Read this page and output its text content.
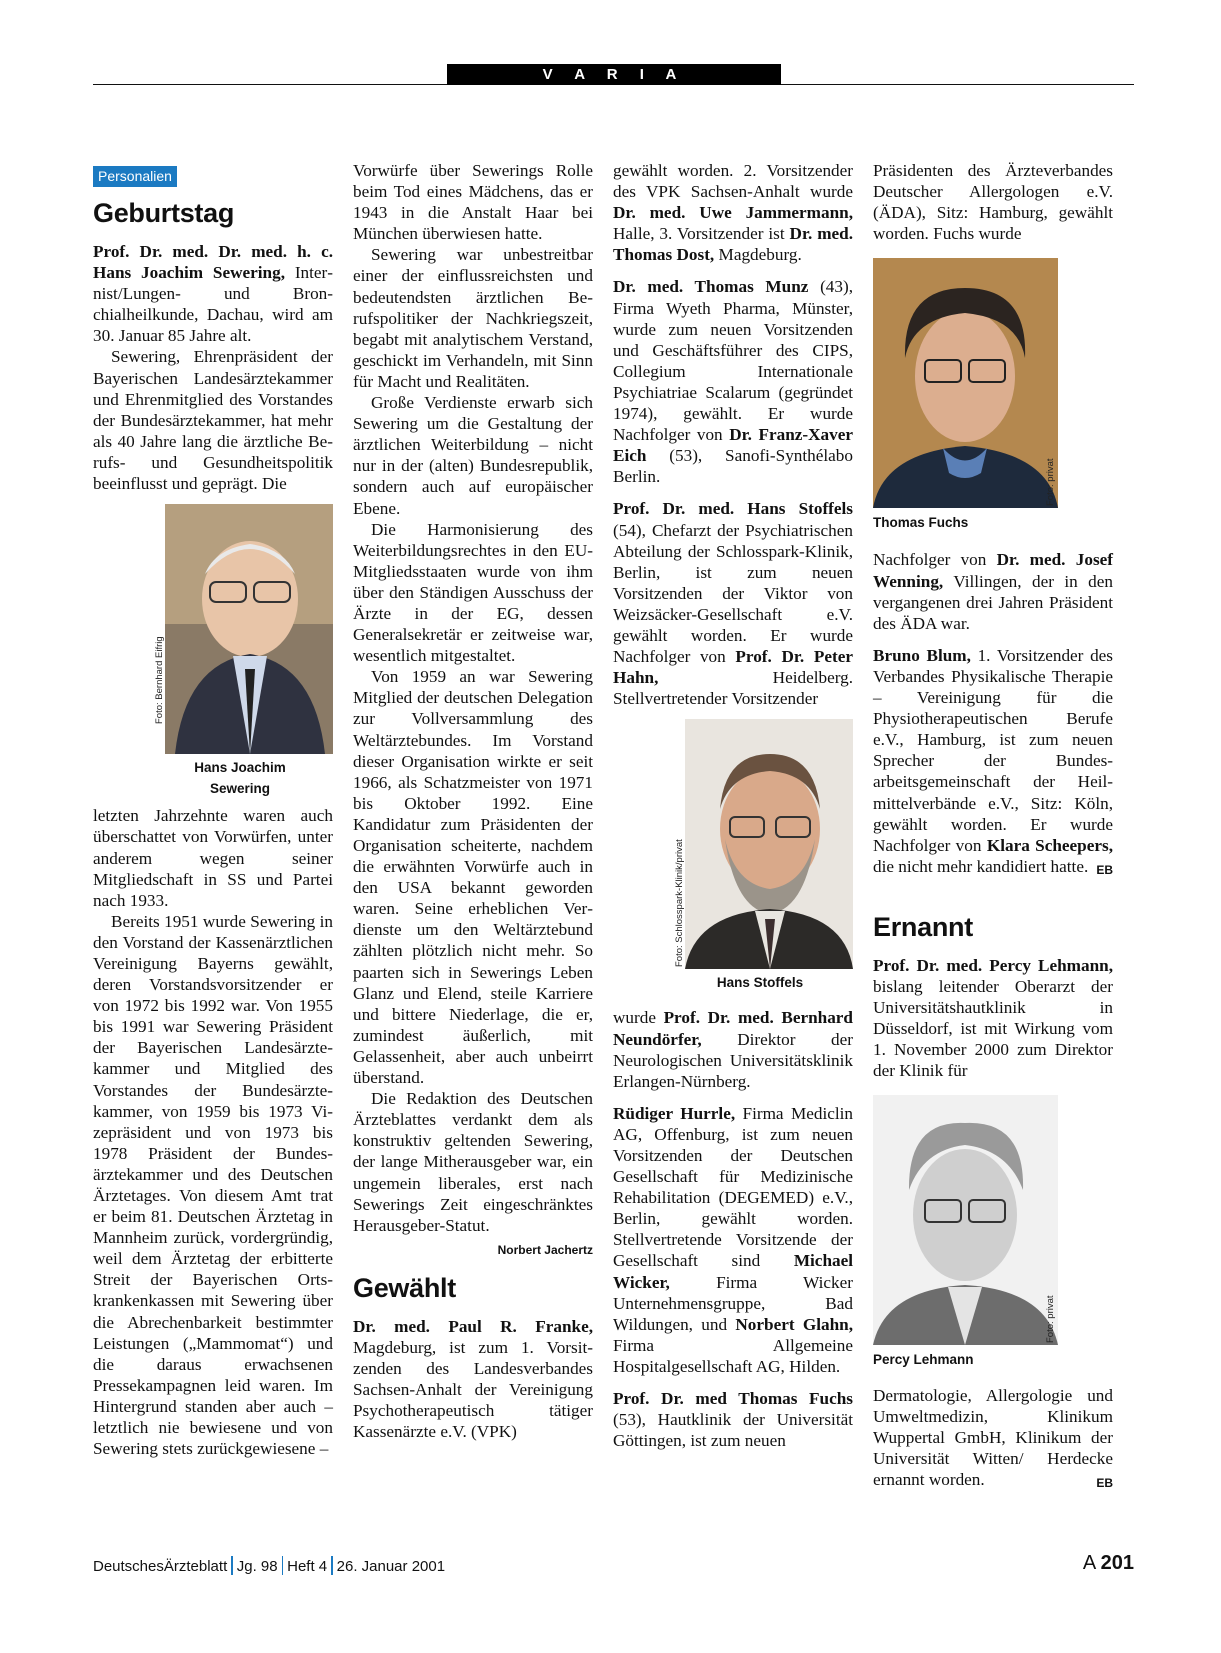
V A R I A
Personalien
Geburtstag

Prof. Dr. med. Dr. med. h. c. Hans Joachim Sewering, Internist/Lungen- und Bronchialheilkunde, Dachau, wird am 30. Januar 85 Jahre alt.

Sewering, Ehrenpräsident der Bayerischen Landesärztekammer und Ehrenmitglied des Vorstandes der Bundesärztekammer, hat mehr als 40 Jahre lang die ärztliche Berufs- und Gesundheitspolitik beeinflusst und geprägt. Die

Hans Joachim Sewering
Foto: Bernhard Eifrig

letzten Jahrzehnte waren auch überschattet von Vorwürfen, unter anderem wegen seiner Mitgliedschaft in SS und Partei nach 1933.

Bereits 1951 wurde Sewering in den Vorstand der Kassenärztlichen Vereinigung Bayerns gewählt, deren Vorstandsvorsitzender er von 1972 bis 1992 war. Von 1955 bis 1991 war Sewering Präsident der Bayerischen Landesärztekammer und Mitglied des Vorstandes der Bundesärztekammer, von 1959 bis 1973 Vizepräsident und von 1973 bis 1978 Präsident der Bundesärztekammer und des Deutschen Ärztetages. Von diesem Amt trat er beim 81. Deutschen Ärztetag in Mannheim zurück, vordergründig, weil dem Ärztetag der erbitterte Streit der Bayerischen Ortskrankenkassen mit Sewering über die Abrechenbarkeit bestimmter Leistungen („Mammomat“) und die daraus erwachsenen Pressekampagnen leid waren. Im Hintergrund standen aber auch – letztlich nie bewiesene und von Sewering stets zurückgewiesene –

Vorwürfe über Sewerings Rolle beim Tod eines Mädchens, das er 1943 in die Anstalt Haar bei München überwiesen hatte.

Sewering war unbestreitbar einer der einflussreichsten und bedeutendsten ärztlichen Berufspolitiker der Nachkriegszeit, begabt mit analytischem Verstand, geschickt im Verhandeln, mit Sinn für Macht und Realitäten.

Große Verdienste erwarb sich Sewering um die Gestaltung der ärztlichen Weiterbildung – nicht nur in der (alten) Bundesrepublik, sondern auch auf europäischer Ebene.

Die Harmonisierung des Weiterbildungsrechtes in den EU-Mitgliedsstaaten wurde von ihm über den Ständigen Ausschuss der Ärzte in der EG, dessen Generalsekretär er zeitweise war, wesentlich mitgestaltet.

Von 1959 an war Sewering Mitglied der deutschen Delegation zur Vollversammlung des Weltärztebundes. Im Vorstand dieser Organisation wirkte er seit 1966, als Schatzmeister von 1971 bis Oktober 1992. Eine Kandidatur zum Präsidenten der Organisation scheiterte, nachdem die erwähnten Vorwürfe auch in den USA bekannt geworden waren. Seine erheblichen Verdienste um den Weltärztebund zählten plötzlich nicht mehr. So paarten sich in Sewerings Leben Glanz und Elend, steile Karriere und bittere Niederlage, die er, zumindest äußerlich, mit Gelassenheit, aber auch unbeirrt überstand.

Die Redaktion des Deutschen Ärzteblattes verdankt dem als konstruktiv geltenden Sewering, der lange Mitherausgeber war, ein ungemein liberales, erst nach Sewerings Zeit eingeschränktes Herausgeber-Statut.
Norbert Jachertz

Gewählt

Dr. med. Paul R. Franke, Magdeburg, ist zum 1. Vorsitzenden des Landesverbandes Sachsen-Anhalt der Vereinigung Psychotherapeutisch tätiger Kassenärzte e.V. (VPK)

gewählt worden. 2. Vorsitzender des VPK Sachsen-Anhalt wurde Dr. med. Uwe Jammermann, Halle, 3. Vorsitzender ist Dr. med. Thomas Dost, Magdeburg.

Dr. med. Thomas Munz (43), Firma Wyeth Pharma, Münster, wurde zum neuen Vorsitzenden und Geschäftsführer des CIPS, Collegium Internationale Psychiatriae Scalarum (gegründet 1974), gewählt. Er wurde Nachfolger von Dr. Franz-Xaver Eich (53), Sanofi-Synthélabo Berlin.

Prof. Dr. med. Hans Stoffels (54), Chefarzt der Psychiatrischen Abteilung der Schlosspark-Klinik, Berlin, ist zum neuen Vorsitzenden der Viktor von Weizsäcker-Gesellschaft e.V. gewählt worden. Er wurde Nachfolger von Prof. Dr. Peter Hahn, Heidelberg. Stellvertretender Vorsitzender

Hans Stoffels
Foto: Schlosspark-Klinik/privat

wurde Prof. Dr. med. Bernhard Neundörfer, Direktor der Neurologischen Universitätsklinik Erlangen-Nürnberg.

Rüdiger Hurrle, Firma Mediclin AG, Offenburg, ist zum neuen Vorsitzenden der Deutschen Gesellschaft für Medizinische Rehabilitation (DEGEMED) e.V., Berlin, gewählt worden. Stellvertretende Vorsitzende der Gesellschaft sind Michael Wicker, Firma Wicker Unternehmensgruppe, Bad Wildungen, und Norbert Glahn, Firma Allgemeine Hospitalgesellschaft AG, Hilden.

Prof. Dr. med Thomas Fuchs (53), Hautklinik der Universität Göttingen, ist zum neuen

Präsidenten des Ärzteverbandes Deutscher Allergologen e.V. (ÄDA), Sitz: Hamburg, gewählt worden. Fuchs wurde

Thomas Fuchs
Foto: privat

Nachfolger von Dr. med. Josef Wenning, Villingen, der in den vergangenen drei Jahren Präsident des ÄDA war.

Bruno Blum, 1. Vorsitzender des Verbandes Physikalische Therapie – Vereinigung für die Physiotherapeutischen Berufe e.V., Hamburg, ist zum neuen Sprecher der Bundesarbeitsgemeinschaft der Heilmittelverbände e.V., Sitz: Köln, gewählt worden. Er wurde Nachfolger von Klara Scheepers, die nicht mehr kandidiert hatte. EB

Ernannt

Prof. Dr. med. Percy Lehmann, bislang leitender Oberarzt der Universitätshautklinik in Düsseldorf, ist mit Wirkung vom 1. November 2000 zum Direktor der Klinik für

Percy Lehmann
Foto: privat

Dermatologie, Allergologie und Umweltmedizin, Klinikum Wuppertal GmbH, Klinikum der Universität Witten/ Herdecke ernannt worden.	EB

DeutschesÄrzteblatt Jg. 98 Heft 4 26. Januar 2001	A 201
